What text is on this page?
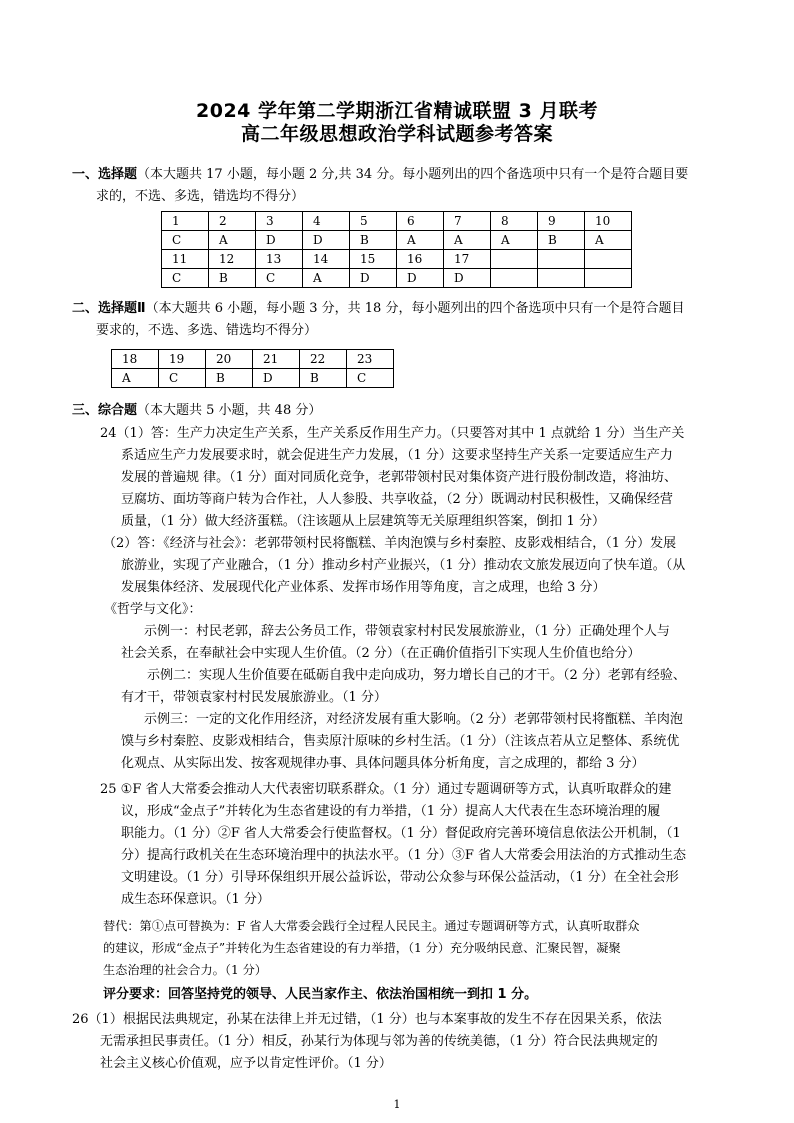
2024 学年第二学期浙江省精诚联盟 3 月联考
高二年级思想政治学科试题参考答案
一、选择题（本大题共 17 小题，每小题 2 分,共 34 分。每小题列出的四个备选项中只有一个是符合题目要
求的，不选、多选，错选均不得分）
1	2	3	4	5	6	7	8	9	10
C	A	D	D	B	A	A	A	B	A
11	12	13	14	15	16	17			
C	B	C	A	D	D	D			
二、选择题Ⅱ（本大题共 6 小题，每小题 3 分，共 18 分，每小题列出的四个备选项中只有一个是符合题目
要求的，不选、多选、错选均不得分）
18	19	20	21	22	23
A	C	B	D	B	C
三、综合题（本大题共 5 小题，共 48 分）
24（1）答：生产力决定生产关系，生产关系反作用生产力。（只要答对其中 1 点就给 1 分）当生产关
系适应生产力发展要求时，就会促进生产力发展，（1 分）这要求坚持生产关系一定要适应生产力
发展的普遍规 律。（1 分）面对同质化竞争，老郭带领村民对集体资产进行股份制改造，将油坊、
豆腐坊、面坊等商户转为合作社，人人参股、共享收益，（2 分）既调动村民积极性，又确保经营
质量，（1 分）做大经济蛋糕。（注该题从上层建筑等无关原理组织答案，倒扣 1 分）
（2）答：《经济与社会》：老郭带领村民将甑糕、羊肉泡馍与乡村秦腔、皮影戏相结合，（1 分）发展
旅游业，实现了产业融合，（1 分）推动乡村产业振兴，（1 分）推动农文旅发展迈向了快车道。（从
发展集体经济、发展现代化产业体系、发挥市场作用等角度，言之成理，也给 3 分）
《哲学与文化》：
示例一：村民老郭，辞去公务员工作，带领袁家村村民发展旅游业，（1 分）正确处理个人与
社会关系，在奉献社会中实现人生价值。（2 分）（在正确价值指引下实现人生价值也给分）
示例二：实现人生价值要在砥砺自我中走向成功，努力增长自己的才干。（2 分）老郭有经验、
有才干，带领袁家村村民发展旅游业。（1 分）
示例三：一定的文化作用经济，对经济发展有重大影响。（2 分）老郭带领村民将甑糕、羊肉泡
馍与乡村秦腔、皮影戏相结合，售卖原汁原味的乡村生活。（1 分）（注该点若从立足整体、系统优
化观点、从实际出发、按客观规律办事、具体问题具体分析角度，言之成理的，都给 3 分）
25 ①F 省人大常委会推动人大代表密切联系群众。（1 分）通过专题调研等方式，认真听取群众的建
议，形成“金点子”并转化为生态省建设的有力举措，（1 分）提高人大代表在生态环境治理的履
职能力。（1 分）②F 省人大常委会行使监督权。（1 分）督促政府完善环境信息依法公开机制，（1
分）提高行政机关在生态环境治理中的执法水平。（1 分）③F 省人大常委会用法治的方式推动生态
文明建设。（1 分）引导环保组织开展公益诉讼，带动公众参与环保公益活动，（1 分）在全社会形
成生态环保意识。（1 分）
替代：第①点可替换为：F 省人大常委会践行全过程人民民主。通过专题调研等方式，认真听取群众
的建议，形成“金点子”并转化为生态省建设的有力举措，（1 分）充分吸纳民意、汇聚民智，凝聚
生态治理的社会合力。（1 分）
评分要求：回答坚持党的领导、人民当家作主、依法治国相统一到扣 1 分。
26（1）根据民法典规定，孙某在法律上并无过错，（1 分）也与本案事故的发生不存在因果关系，依法
无需承担民事责任。（1 分）相反，孙某行为体现与邻为善的传统美德，（1 分）符合民法典规定的
社会主义核心价值观，应予以肯定性评价。（1 分）
1
